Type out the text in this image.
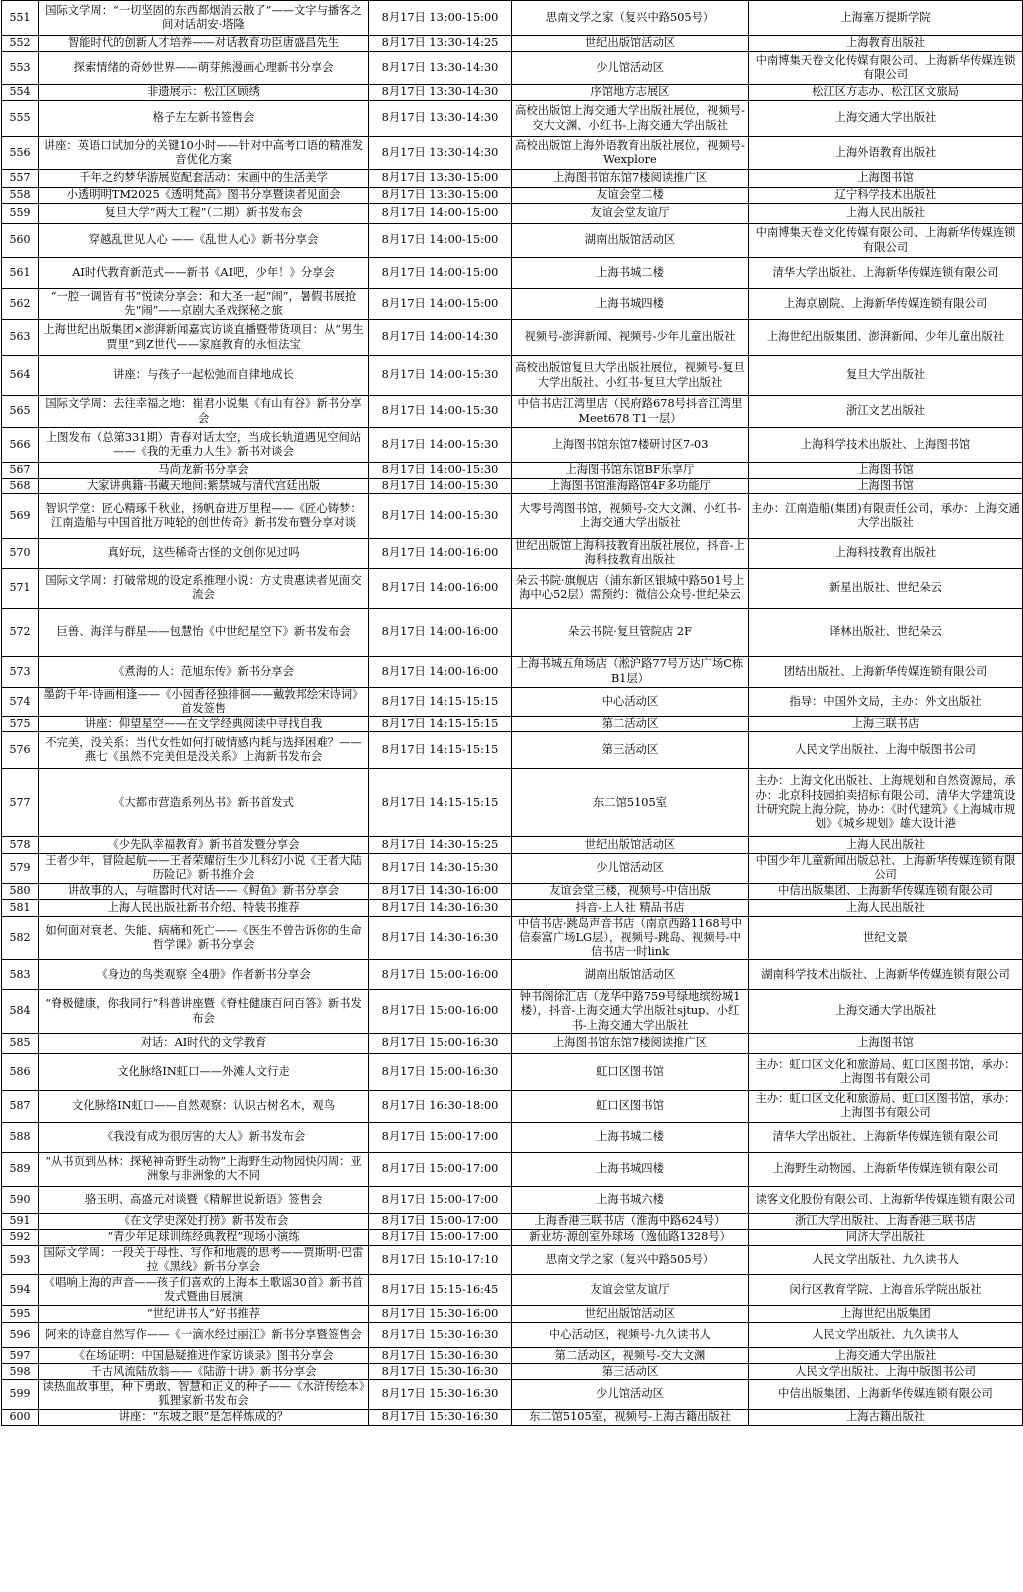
551	国际文学周：“一切坚固的东西都烟消云散了”——文字与播客之间对话胡安·塔隆	8月17日 13:00-15:00	思南文学之家（复兴中路505号）	上海塞万提斯学院
552	智能时代的创新人才培养——对话教育功臣唐盛昌先生	8月17日 13:30-14:25	世纪出版馆活动区	上海教育出版社
553	探索情绪的奇妙世界——萌芽熊漫画心理新书分享会	8月17日 13:30-14:30	少儿馆活动区	中南博集天卷文化传媒有限公司、上海新华传媒连锁有限公司
554	非遗展示：松江区顾绣	8月17日 13:30-14:30	序馆地方志展区	松江区方志办、松江区文旅局
555	格子左左新书签售会	8月17日 13:30-14:30	高校出版馆上海交通大学出版社展位，视频号-交大文渊、小红书-上海交通大学出版社	上海交通大学出版社
556	讲座：英语口试加分的关键10小时——针对中高考口语的精准发音优化方案	8月17日 13:30-14:30	高校出版馆上海外语教育出版社展位，视频号-Wexplore	上海外语教育出版社
557	千年之约梦华游展览配套活动：宋画中的生活美学	8月17日 13:30-15:00	上海图书馆东馆7楼阅读推广区	上海图书馆
558	小透明明TM2025《透明梵高》图书分享暨读者见面会	8月17日 13:30-15:00	友谊会堂二楼	辽宁科学技术出版社
559	复旦大学“两大工程”（二期）新书发布会	8月17日 14:00-15:00	友谊会堂友谊厅	上海人民出版社
560	穿越乱世见人心 ——《乱世人心》新书分享会	8月17日 14:00-15:00	湖南出版馆活动区	中南博集天卷文化传媒有限公司、上海新华传媒连锁有限公司
561	AI时代教育新范式——新书《AI吧，少年！》分享会	8月17日 14:00-15:00	上海书城二楼	清华大学出版社、上海新华传媒连锁有限公司
562	“一腔一调皆有书”悦读分享会：和大圣一起“闹”，暑假书展抢先“闹”——京剧大圣戏探秘之旅	8月17日 14:00-15:00	上海书城四楼	上海京剧院、上海新华传媒连锁有限公司
563	上海世纪出版集团×澎湃新闻嘉宾访谈直播暨带货项目：从“男生贾里”到Z世代——家庭教育的永恒法宝	8月17日 14:00-14:30	视频号-澎湃新闻、视频号-少年儿童出版社	上海世纪出版集团、澎湃新闻、少年儿童出版社
564	讲座：与孩子一起松弛而自律地成长	8月17日 14:00-15:30	高校出版馆复旦大学出版社展位，视频号-复旦大学出版社、小红书-复旦大学出版社	复旦大学出版社
565	国际文学周：去往幸福之地：崔君小说集《有山有谷》新书分享会	8月17日 14:00-15:30	中信书店江湾里店（民府路678号抖音江湾里Meet678 T1一层）	浙江文艺出版社
566	上图发布（总第331期）青春对话太空，当成长轨道遇见空间站——《我的无重力人生》新书对谈会	8月17日 14:00-15:30	上海图书馆东馆7楼研讨区7-03	上海科学技术出版社、上海图书馆
567	马尚龙新书分享会	8月17日 14:00-15:30	上海图书馆东馆BF乐享厅	上海图书馆
568	大家讲典籍·书藏天地间:紫禁城与清代宫廷出版	8月17日 14:00-15:30	上海图书馆淮海路馆4F多功能厅	上海图书馆
569	智识学堂：匠心精琢千秋业，扬帆奋进万里程——《匠心铸梦：江南造船与中国首批万吨轮的创世传奇》新书发布暨分享对谈	8月17日 14:00-15:30	大零号湾图书馆，视频号-交大文渊、小红书-上海交通大学出版社	主办：江南造船(集团)有限责任公司，承办：上海交通大学出版社
570	真好玩，这些稀奇古怪的文创你见过吗	8月17日 14:00-16:00	世纪出版馆上海科技教育出版社展位，抖音-上海科技教育出版社	上海科技教育出版社
571	国际文学周：打破常规的设定系推理小说：方丈贵惠读者见面交流会	8月17日 14:00-16:00	朵云书院·旗舰店（浦东新区银城中路501号上海中心52层）需预约：微信公众号-世纪朵云	新星出版社、世纪朵云
572	巨兽、海洋与群星——包慧怡《中世纪星空下》新书发布会	8月17日 14:00-16:00	朵云书院·复旦管院店 2F	译林出版社、世纪朵云
573	《煮海的人：范旭东传》新书分享会	8月17日 14:00-16:00	上海书城五角场店（淞沪路77号万达广场C栋B1层）	团结出版社、上海新华传媒连锁有限公司
574	墨韵千年·诗画相逢——《小园香径独徘徊——戴敦邦绘宋诗词》首发签售	8月17日 14:15-15:15	中心活动区	指导：中国外文局，主办：外文出版社
575	讲座：仰望星空——在文学经典阅读中寻找自我	8月17日 14:15-15:15	第二活动区	上海三联书店
576	不完美，没关系：当代女性如何打破情感内耗与选择困难？——燕七《虽然不完美但是没关系》上海新书发布会	8月17日 14:15-15:15	第三活动区	人民文学出版社、上海中版图书公司
577	《大都市营造系列丛书》新书首发式	8月17日 14:15-15:15	东二馆5105室	主办：上海文化出版社、上海规划和自然资源局，承办：北京科技园拍卖招标有限公司、清华大学建筑设计研究院上海分院，协办：《时代建筑》《上海城市规划》《城乡规划》雄大设计港
578	《少先队幸福教育》新书首发暨分享会	8月17日 14:30-15:25	世纪出版馆活动区	上海人民出版社
579	王者少年，冒险起航——王者荣耀衍生少儿科幻小说《王者大陆历险记》新书推介会	8月17日 14:30-15:30	少儿馆活动区	中国少年儿童新闻出版总社、上海新华传媒连锁有限公司
580	讲故事的人，与喧嚣时代对话——《鲟鱼》新书分享会	8月17日 14:30-16:00	友谊会堂三楼，视频号-中信出版	中信出版集团、上海新华传媒连锁有限公司
581	上海人民出版社新书介绍、特装书推荐	8月17日 14:30-16:30	抖音-上人社 精品书店	上海人民出版社
582	如何面对衰老、失能、病痛和死亡——《医生不曾告诉你的生命哲学课》新书分享会	8月17日 14:30-16:30	中信书店·跳岛声音书店（南京西路1168号中信泰富广场LG层），视频号-跳岛、视频号-中信书店一时link	世纪文景
583	《身边的鸟类观察 全4册》作者新书分享会	8月17日 15:00-16:00	湖南出版馆活动区	湖南科学技术出版社、上海新华传媒连锁有限公司
584	“脊极健康，你我同行”科普讲座暨《脊柱健康百问百答》新书发布会	8月17日 15:00-16:00	钟书阁徐汇店（龙华中路759号绿地缤纷城1楼），抖音-上海交通大学出版社sjtup、小红书-上海交通大学出版社	上海交通大学出版社
585	对话：AI时代的文学教育	8月17日 15:00-16:30	上海图书馆东馆7楼阅读推广区	上海图书馆
586	文化脉络IN虹口——外滩人文行走	8月17日 15:00-16:30	虹口区图书馆	主办：虹口区文化和旅游局、虹口区图书馆，承办：上海图书有限公司
587	文化脉络IN虹口——自然观察：认识古树名木，观鸟	8月17日 16:30-18:00	虹口区图书馆	主办：虹口区文化和旅游局、虹口区图书馆，承办：上海图书有限公司
588	《我没有成为很厉害的大人》新书发布会	8月17日 15:00-17:00	上海书城二楼	清华大学出版社、上海新华传媒连锁有限公司
589	“从书页到丛林：探秘神奇野生动物”上海野生动物园快闪周：亚洲象与非洲象的大不同	8月17日 15:00-17:00	上海书城四楼	上海野生动物园、上海新华传媒连锁有限公司
590	骆玉明、高盛元对谈暨《精解世说新语》签售会	8月17日 15:00-17:00	上海书城六楼	读客文化股份有限公司、上海新华传媒连锁有限公司
591	《在文学史深处打捞》新书发布会	8月17日 15:00-17:00	上海香港三联书店（淮海中路624号）	浙江大学出版社、上海香港三联书店
592	“青少年足球训练经典教程”现场小演练	8月17日 15:00-17:00	新业坊·源创室外球场（逸仙路1328号）	同济大学出版社
593	国际文学周：一段关于母性、写作和地震的思考——贾斯明·巴雷拉《黑线》新书分享会	8月17日 15:10-17:10	思南文学之家（复兴中路505号）	人民文学出版社、九久读书人
594	《唱响上海的声音——孩子们喜欢的上海本土歌谣30首》新书首发式暨曲目展演	8月17日 15:15-16:45	友谊会堂友谊厅	闵行区教育学院、上海音乐学院出版社
595	“世纪讲书人”好书推荐	8月17日 15:30-16:00	世纪出版馆活动区	上海世纪出版集团
596	阿来的诗意自然写作——《一滴水经过丽江》新书分享暨签售会	8月17日 15:30-16:30	中心活动区，视频号-九久读书人	人民文学出版社、九久读书人
597	《在场证明：中国悬疑推进作家访谈录》图书分享会	8月17日 15:30-16:30	第二活动区，视频号-交大文渊	上海交通大学出版社
598	千古风流陆放翁——《陆游十讲》新书分享会	8月17日 15:30-16:30	第三活动区	人民文学出版社、上海中版图书公司
599	读热血故事里，种下勇敢、智慧和正义的种子——《水浒传绘本》狐狸家新书发布会	8月17日 15:30-16:30	少儿馆活动区	中信出版集团、上海新华传媒连锁有限公司
600	讲座：“东坡之眼”是怎样炼成的？	8月17日 15:30-16:30	东二馆5105室，视频号-上海古籍出版社	上海古籍出版社
